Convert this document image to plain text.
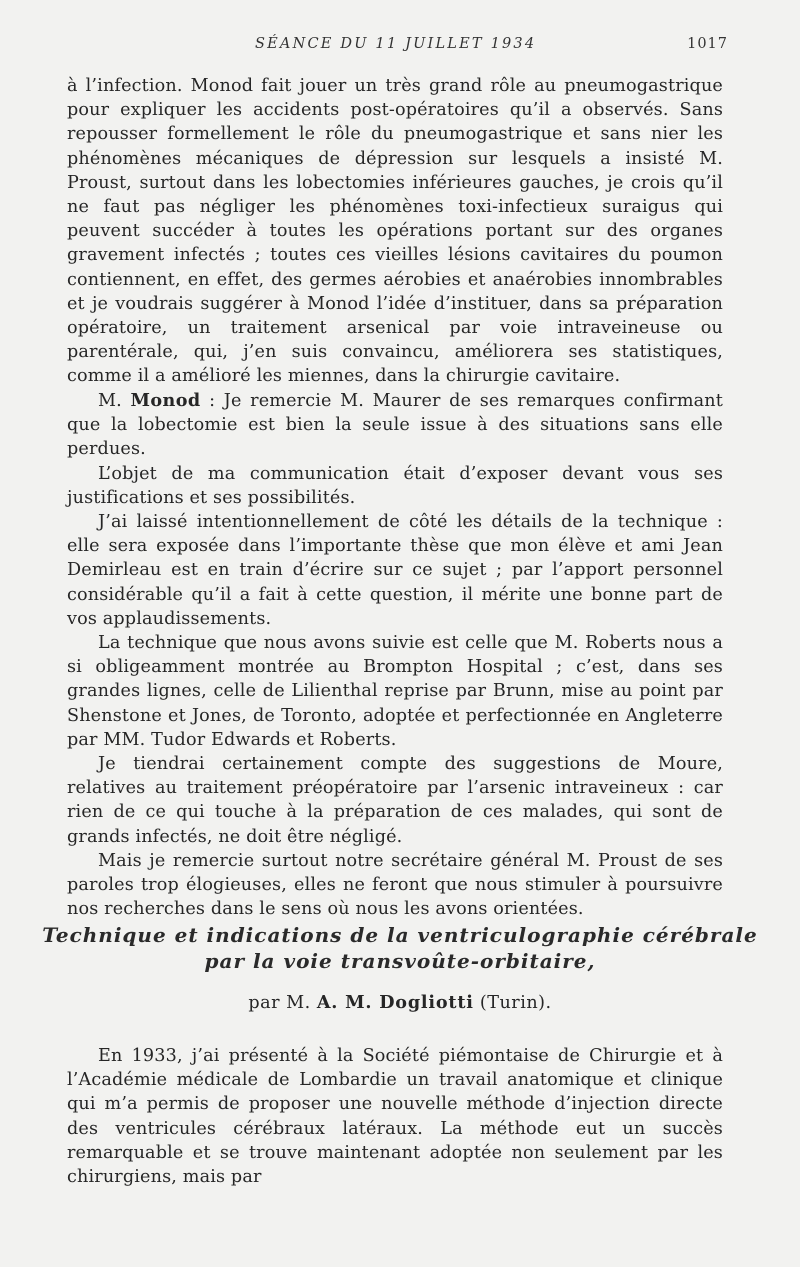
SÉANCE DU 11 JUILLET 1934	1017

à l’infection. Monod fait jouer un très grand rôle au pneumogastrique pour expliquer les accidents post-opératoires qu’il a observés. Sans repousser formellement le rôle du pneumogastrique et sans nier les phénomènes mécaniques de dépression sur lesquels a insisté M. Proust, surtout dans les lobectomies inférieures gauches, je crois qu’il ne faut pas négliger les phénomènes toxi-infectieux suraigus qui peuvent succéder à toutes les opérations portant sur des organes gravement infectés ; toutes ces vieilles lésions cavitaires du poumon contiennent, en effet, des germes aérobies et anaérobies innombrables et je voudrais suggérer à Monod l’idée d’instituer, dans sa préparation opératoire, un traitement arsenical par voie intraveineuse ou parentérale, qui, j’en suis convaincu, améliorera ses statistiques, comme il a amélioré les miennes, dans la chirurgie cavitaire.

M. Monod : Je remercie M. Maurer de ses remarques confirmant que la lobectomie est bien la seule issue à des situations sans elle perdues.

L’objet de ma communication était d’exposer devant vous ses justifications et ses possibilités.

J’ai laissé intentionnellement de côté les détails de la technique : elle sera exposée dans l’importante thèse que mon élève et ami Jean Demirleau est en train d’écrire sur ce sujet ; par l’apport personnel considérable qu’il a fait à cette question, il mérite une bonne part de vos applaudissements.

La technique que nous avons suivie est celle que M. Roberts nous a si obligeamment montrée au Brompton Hospital ; c’est, dans ses grandes lignes, celle de Lilienthal reprise par Brunn, mise au point par Shenstone et Jones, de Toronto, adoptée et perfectionnée en Angleterre par MM. Tudor Edwards et Roberts.

Je tiendrai certainement compte des suggestions de Moure, relatives au traitement préopératoire par l’arsenic intraveineux : car rien de ce qui touche à la préparation de ces malades, qui sont de grands infectés, ne doit être négligé.

Mais je remercie surtout notre secrétaire général M. Proust de ses paroles trop élogieuses, elles ne feront que nous stimuler à poursuivre nos recherches dans le sens où nous les avons orientées.

Technique et indications de la ventriculographie cérébrale
par la voie transvoûte-orbitaire,
par M. A. M. Dogliotti (Turin).

En 1933, j’ai présenté à la Société piémontaise de Chirurgie et à l’Académie médicale de Lombardie un travail anatomique et clinique qui m’a permis de proposer une nouvelle méthode d’injection directe des ventricules cérébraux latéraux. La méthode eut un succès remarquable et se trouve maintenant adoptée non seulement par les chirurgiens, mais par
